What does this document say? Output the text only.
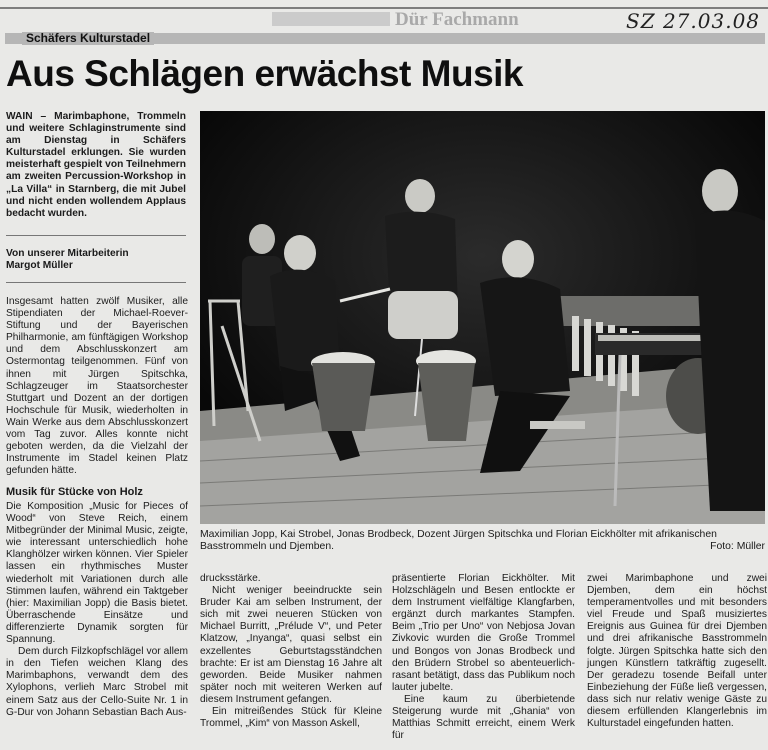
Dür Fachmann	SZ 27.03.08
Schäfers Kulturstadel
Aus Schlägen erwächst Musik
WAIN – Marimbaphone, Trommeln und weitere Schlaginstrumente sind am Dienstag in Schäfers Kulturstadel erklungen. Sie wurden meisterhaft gespielt von Teilnehmern am zweiten Percussion-Workshop in „La Villa“ in Starnberg, die mit Jubel und nicht enden wollendem Applaus bedacht wurden.
Von unserer Mitarbeiterin
Margot Müller
Insgesamt hatten zwölf Musiker, alle Stipendiaten der Michael-Roever-Stiftung und der Bayerischen Philharmonie, am fünftägigen Workshop und dem Abschlusskonzert am Ostermontag teilgenommen. Fünf von ihnen mit Jürgen Spitschka, Schlagzeuger im Staatsorchester Stuttgart und Dozent an der dortigen Hochschule für Musik, wiederholten in Wain Werke aus dem Abschlusskonzert vom Tag zuvor. Alles konnte nicht geboten werden, da die Vielzahl der Instrumente im Stadel keinen Platz gefunden hätte.
Musik für Stücke von Holz

Die Komposition „Music for Pieces of Wood“ von Steve Reich, einem Mitbegründer der Minimal Music, zeigte, wie interessant unterschiedlich hohe Klanghölzer wirken können. Vier Spieler lassen ein rhythmisches Muster wiederholt mit Variationen durch alle Stimmen laufen, während ein Taktgeber (hier: Maximilian Jopp) die Basis bietet. Überraschende Einsätze und differenzierte Dynamik sorgten für Spannung.

Dem durch Filzkopfschlägel vor allem in den Tiefen weichen Klang des Marimbaphons, verwandt dem des Xylophons, verlieh Marc Strobel mit einem Satz aus der Cello-Suite Nr. 1 in G-Dur von Johann Sebastian Bach Aus-

Maximilian Jopp, Kai Strobel, Jonas Brodbeck, Dozent Jürgen Spitschka und Florian Eickhölter mit afrikanischen Basstrommeln und Djemben.	Foto: Müller

drucksstärke.

Nicht weniger beeindruckte sein Bruder Kai am selben Instrument, der sich mit zwei neueren Stücken von Michael Burritt, „Prélude V“, und Peter Klatzow, „Inyanga“, quasi selbst ein exzellentes Geburtstagsständchen brachte: Er ist am Dienstag 16 Jahre alt geworden. Beide Musiker nahmen später noch mit weiteren Werken auf diesem Instrument gefangen.

Ein mitreißendes Stück für Kleine Trommel, „Kim“ von Masson Askell,

präsentierte Florian Eickhölter. Mit Holzschlägeln und Besen entlockte er dem Instrument vielfältige Klangfarben, ergänzt durch markantes Stampfen. Beim „Trio per Uno“ von Nebjosa Jovan Zivkovic wurden die Große Trommel und Bongos von Jonas Brodbeck und den Brüdern Strobel so abenteuerlich-rasant betätigt, dass das Publikum noch lauter jubelte.

Eine kaum zu überbietende Steigerung wurde mit „Ghania“ von Matthias Schmitt erreicht, einem Werk für

zwei Marimbaphone und zwei Djemben, dem ein höchst temperamentvolles und mit besonders viel Freude und Spaß musiziertes Ereignis aus Guinea für drei Djemben und drei afrikanische Basstrommeln folgte. Jürgen Spitschka hatte sich den jungen Künstlern tatkräftig zugesellt. Der geradezu tosende Beifall unter Einbeziehung der Füße ließ vergessen, dass sich nur relativ wenige Gäste zu diesem erfüllenden Klangerlebnis im Kulturstadel eingefunden hatten.
